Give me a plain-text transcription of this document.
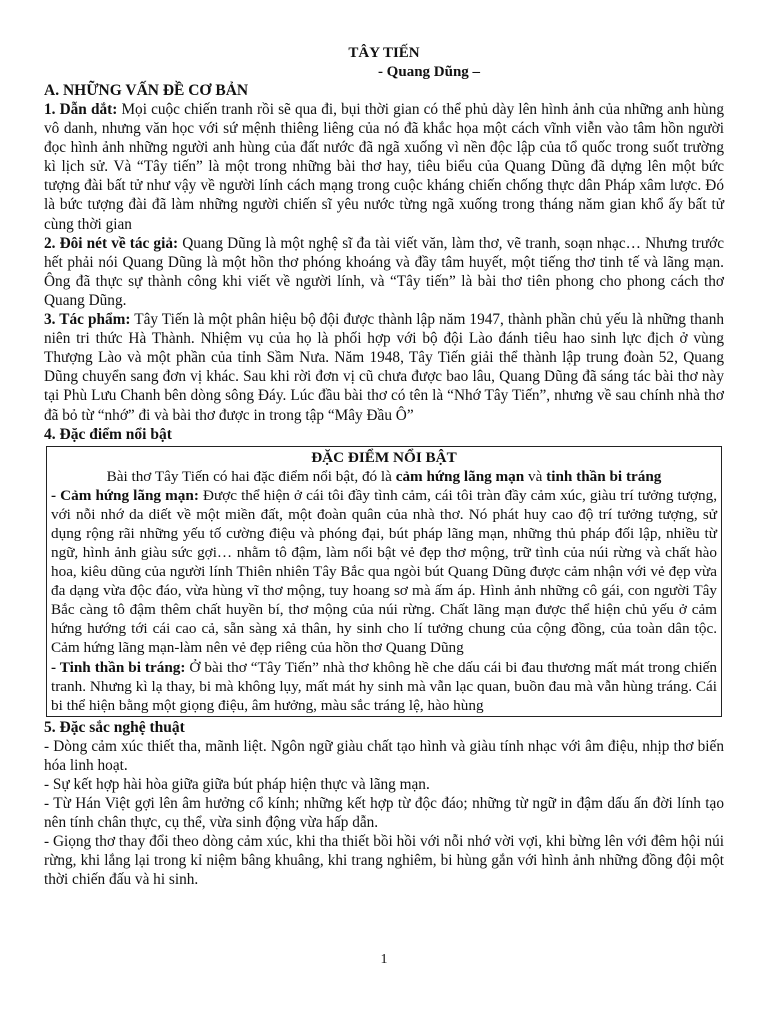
TÂY TIẾN

- Quang Dũng –

A. NHỮNG VẤN ĐỀ CƠ BẢN

1. Dẫn dắt: Mọi cuộc chiến tranh rồi sẽ qua đi, bụi thời gian có thể phủ dày lên hình ảnh của những anh hùng vô danh, nhưng văn học với sứ mệnh thiêng liêng của nó đã khắc họa một cách vĩnh viễn vào tâm hồn người đọc hình ảnh những người anh hùng của đất nước đã ngã xuống vì nền độc lập của tổ quốc trong suốt trường kì lịch sử. Và “Tây tiến” là một trong những bài thơ hay, tiêu biểu của Quang Dũng đã dựng lên một bức tượng đài bất tử như vậy về người lính cách mạng trong cuộc kháng chiến chống thực dân Pháp xâm lược. Đó là bức tượng đài đã làm những người chiến sĩ yêu nước từng ngã xuống trong tháng năm gian khổ ấy bất tử cùng thời gian

2. Đôi nét về tác giả: Quang Dũng là một nghệ sĩ đa tài viết văn, làm thơ, vẽ tranh, soạn nhạc… Nhưng trước hết phải nói Quang Dũng là một hồn thơ phóng khoáng và đầy tâm huyết, một tiếng thơ tinh tế và lãng mạn. Ông đã thực sự thành công khi viết về người lính, và “Tây tiến” là bài thơ tiên phong cho phong cách thơ Quang Dũng.

3. Tác phẩm: Tây Tiến là một phân hiệu bộ đội được thành lập năm 1947, thành phần chủ yếu là những thanh niên tri thức Hà Thành. Nhiệm vụ của họ là phối hợp với bộ đội Lào đánh tiêu hao sinh lực địch ở vùng Thượng Lào và một phần của tỉnh Sầm Nưa. Năm 1948, Tây Tiến giải thể thành lập trung đoàn 52, Quang Dũng chuyển sang đơn vị khác. Sau khi rời đơn vị cũ chưa được bao lâu, Quang Dũng đã sáng tác bài thơ này tại Phù Lưu Chanh bên dòng sông Đáy. Lúc đầu bài thơ có tên là “Nhớ Tây Tiến”, nhưng về sau chính nhà thơ đã bỏ từ “nhớ” đi và bài thơ được in trong tập “Mây Đầu Ô”

4. Đặc điểm nổi bật

ĐẶC ĐIỂM NỔI BẬT

Bài thơ Tây Tiến có hai đặc điểm nổi bật, đó là cảm hứng lãng mạn và tinh thần bi tráng

- Cảm hứng lãng mạn: Được thể hiện ở cái tôi đầy tình cảm, cái tôi tràn đầy cảm xúc, giàu trí tưởng tượng, với nỗi nhớ da diết về một miền đất, một đoàn quân của nhà thơ. Nó phát huy cao độ trí tưởng tượng, sử dụng rộng rãi những yếu tố cường điệu và phóng đại, bút pháp lãng mạn, những thủ pháp đối lập, nhiều từ ngữ, hình ảnh giàu sức gợi… nhằm tô đậm, làm nổi bật vẻ đẹp thơ mộng, trữ tình của núi rừng và chất hào hoa, kiêu dũng của người lính Thiên nhiên Tây Bắc qua ngòi bút Quang Dũng được cảm nhận với vẻ đẹp vừa đa dạng vừa độc đáo, vừa hùng vĩ thơ mộng, tuy hoang sơ mà ấm áp. Hình ảnh những cô gái, con người Tây Bắc càng tô đậm thêm chất huyền bí, thơ mộng của núi rừng. Chất lãng mạn được thể hiện chủ yếu ở cảm hứng hướng tới cái cao cả, sẵn sàng xả thân, hy sinh cho lí tưởng chung của cộng đồng, của toàn dân tộc. Cảm hứng lãng mạn-làm nên vẻ đẹp riêng của hồn thơ Quang Dũng

- Tinh thần bi tráng: Ở bài thơ “Tây Tiến” nhà thơ không hề che dấu cái bi đau thương mất mát trong chiến tranh. Nhưng kì lạ thay, bi mà không lụy, mất mát hy sinh mà vẫn lạc quan, buồn đau mà vẫn hùng tráng. Cái bi thể hiện bằng một giọng điệu, âm hưởng, màu sắc tráng lệ, hào hùng

5. Đặc sắc nghệ thuật

- Dòng cảm xúc thiết tha, mãnh liệt. Ngôn ngữ giàu chất tạo hình và giàu tính nhạc với âm điệu, nhịp thơ biến hóa linh hoạt.

- Sự kết hợp hài hòa giữa giữa bút pháp hiện thực và lãng mạn.

- Từ Hán Việt gợi lên âm hưởng cổ kính; những kết hợp từ độc đáo; những từ ngữ in đậm dấu ấn đời lính tạo nên tính chân thực, cụ thể, vừa sinh động vừa hấp dẫn.

- Giọng thơ thay đổi theo dòng cảm xúc, khi tha thiết bồi hồi với nỗi nhớ vời vợi, khi bừng lên với đêm hội núi rừng, khi lắng lại trong kỉ niệm bâng khuâng, khi trang nghiêm, bi hùng gắn với hình ảnh những đồng đội một thời chiến đấu và hi sinh.

1
